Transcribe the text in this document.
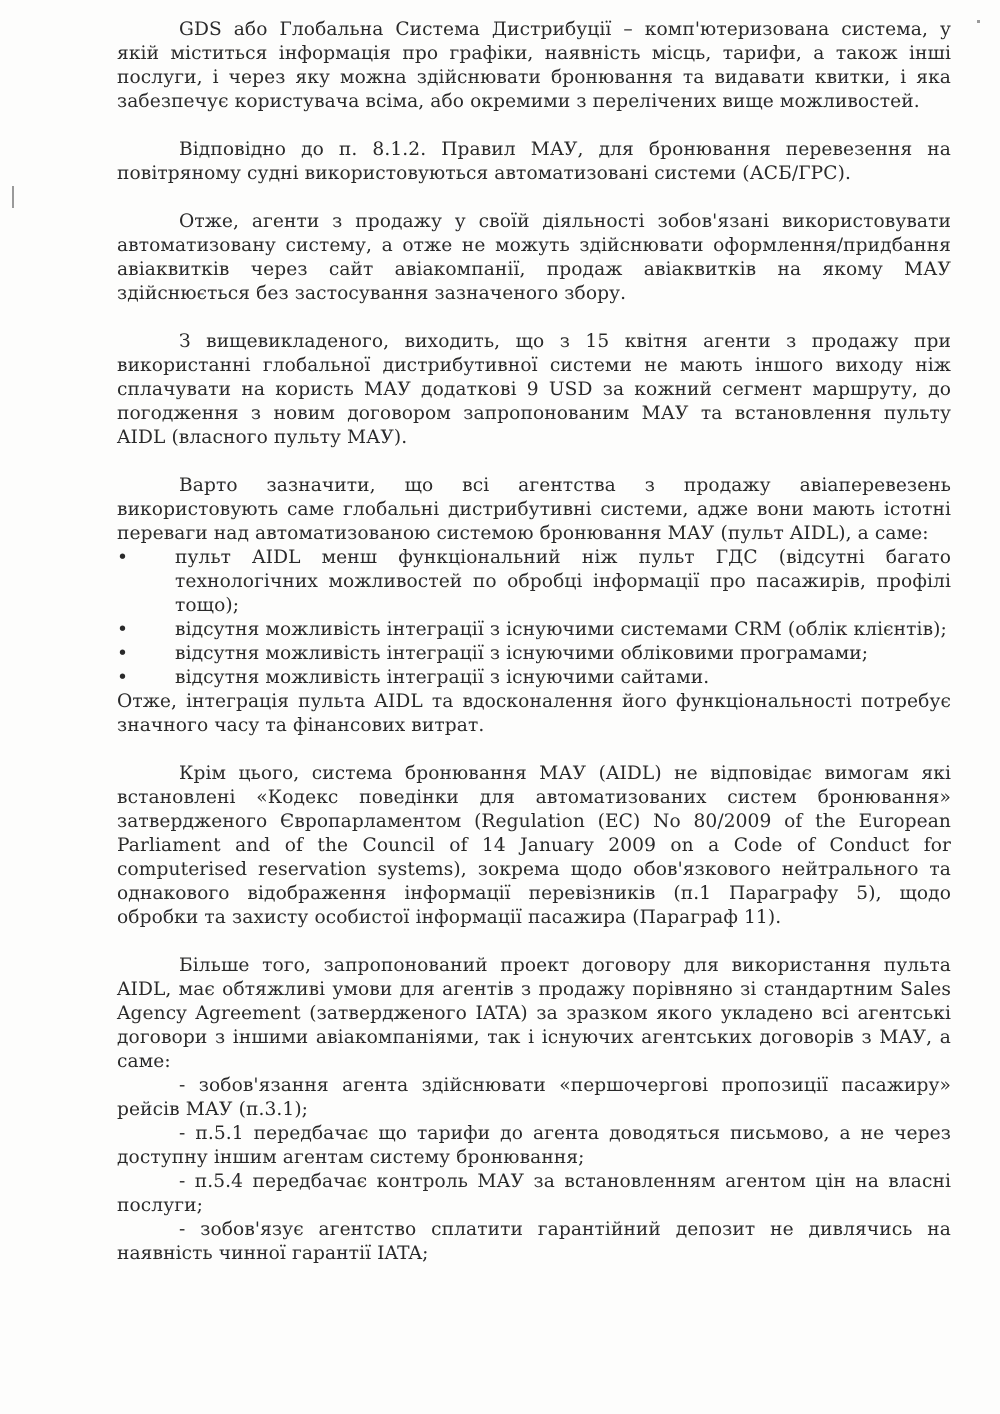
GDS або Глобальна Система Дистрибуції – комп'ютеризована система, у якій міститься інформація про графіки, наявність місць, тарифи, а також інші послуги, і через яку можна здійснювати бронювання та видавати квитки, і яка забезпечує користувача всіма, або окремими з перелічених вище можливостей.

Відповідно до п. 8.1.2. Правил МАУ, для бронювання перевезення на повітряному судні використовуються автоматизовані системи (АСБ/ГРС).

Отже, агенти з продажу у своїй діяльності зобов'язані використовувати автоматизовану систему, а отже не можуть здійснювати оформлення/придбання авіаквитків через сайт авіакомпанії, продаж авіаквитків на якому МАУ здійснюється без застосування зазначеного збору.

З вищевикладеного, виходить, що з 15 квітня агенти з продажу при використанні глобальної дистрибутивної системи не мають іншого виходу ніж сплачувати на користь МАУ додаткові 9 USD за кожний сегмент маршруту, до погодження з новим договором запропонованим МАУ та встановлення пульту AIDL (власного пульту МАУ).

Варто зазначити, що всі агентства з продажу авіаперевезень використовують саме глобальні дистрибутивні системи, адже вони мають істотні переваги над автоматизованою системою бронювання МАУ (пульт AIDL), а саме:

•	пульт AIDL менш функціональний ніж пульт ГДС (відсутні багато технологічних можливостей по обробці інформації про пасажирів, профілі тощо);

•	відсутня можливість інтеграції з існуючими системами CRM (облік клієнтів);

•	відсутня можливість інтеграції з існуючими обліковими програмами;

•	відсутня можливість інтеграції з існуючими сайтами.

Отже, інтеграція пульта AIDL та вдосконалення його функціональності потребує значного часу та фінансових витрат.

Крім цього, система бронювання МАУ (AIDL) не відповідає вимогам які встановлені «Кодекс поведінки для автоматизованих систем бронювання» затвердженого Європарламентом (Regulation (EC) No 80/2009 of the European Parliament and of the Council of 14 January 2009 on a Code of Conduct for computerised reservation systems), зокрема щодо обов'язкового нейтрального та однакового відображення інформації перевізників (п.1 Параграфу 5), щодо обробки та захисту особистої інформації пасажира (Параграф 11).

Більше того, запропонований проект договору для використання пульта AIDL, має обтяжливі умови для агентів з продажу порівняно зі стандартним Sales Agency Agreement (затвердженого IATA) за зразком якого укладено всі агентські договори з іншими авіакомпаніями, так і існуючих агентських договорів з МАУ, а саме:

- зобов'язання агента здійснювати «першочергові пропозиції пасажиру» рейсів МАУ (п.3.1);

- п.5.1 передбачає що тарифи до агента доводяться письмово, а не через доступну іншим агентам систему бронювання;

- п.5.4 передбачає контроль МАУ за встановленням агентом цін на власні послуги;

- зобов'язує агентство сплатити гарантійний депозит не дивлячись на наявність чинної гарантії IATA;
